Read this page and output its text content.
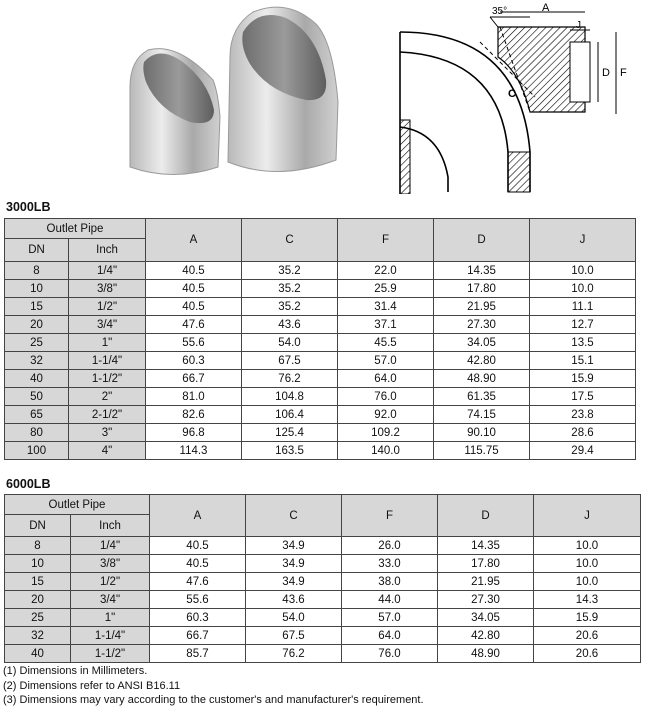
35°	A
J
D F
C
3000LB
Outlet Pipe		A	C	F	D	J
DN	Inch					
8	1/4"	40.5	35.2	22.0	14.35	10.0
10	3/8"	40.5	35.2	25.9	17.80	10.0
15	1/2"	40.5	35.2	31.4	21.95	11.1
20	3/4"	47.6	43.6	37.1	27.30	12.7
25	1"	55.6	54.0	45.5	34.05	13.5
32	1-1/4"	60.3	67.5	57.0	42.80	15.1
40	1-1/2"	66.7	76.2	64.0	48.90	15.9
50	2"	81.0	104.8	76.0	61.35	17.5
65	2-1/2"	82.6	106.4	92.0	74.15	23.8
80	3"	96.8	125.4	109.2	90.10	28.6
100	4"	114.3	163.5	140.0	115.75	29.4
6000LB
Outlet Pipe		A	C	F	D	J
DN	Inch					
8	1/4"	40.5	34.9	26.0	14.35	10.0
10	3/8"	40.5	34.9	33.0	17.80	10.0
15	1/2"	47.6	34.9	38.0	21.95	10.0
20	3/4"	55.6	43.6	44.0	27.30	14.3
25	1"	60.3	54.0	57.0	34.05	15.9
32	1-1/4"	66.7	67.5	64.0	42.80	20.6
40	1-1/2"	85.7	76.2	76.0	48.90	20.6
(1) Dimensions in Millimeters.
(2) Dimensions refer to ANSI B16.11
(3) Dimensions may vary according to the customer's and manufacturer's requirement.
